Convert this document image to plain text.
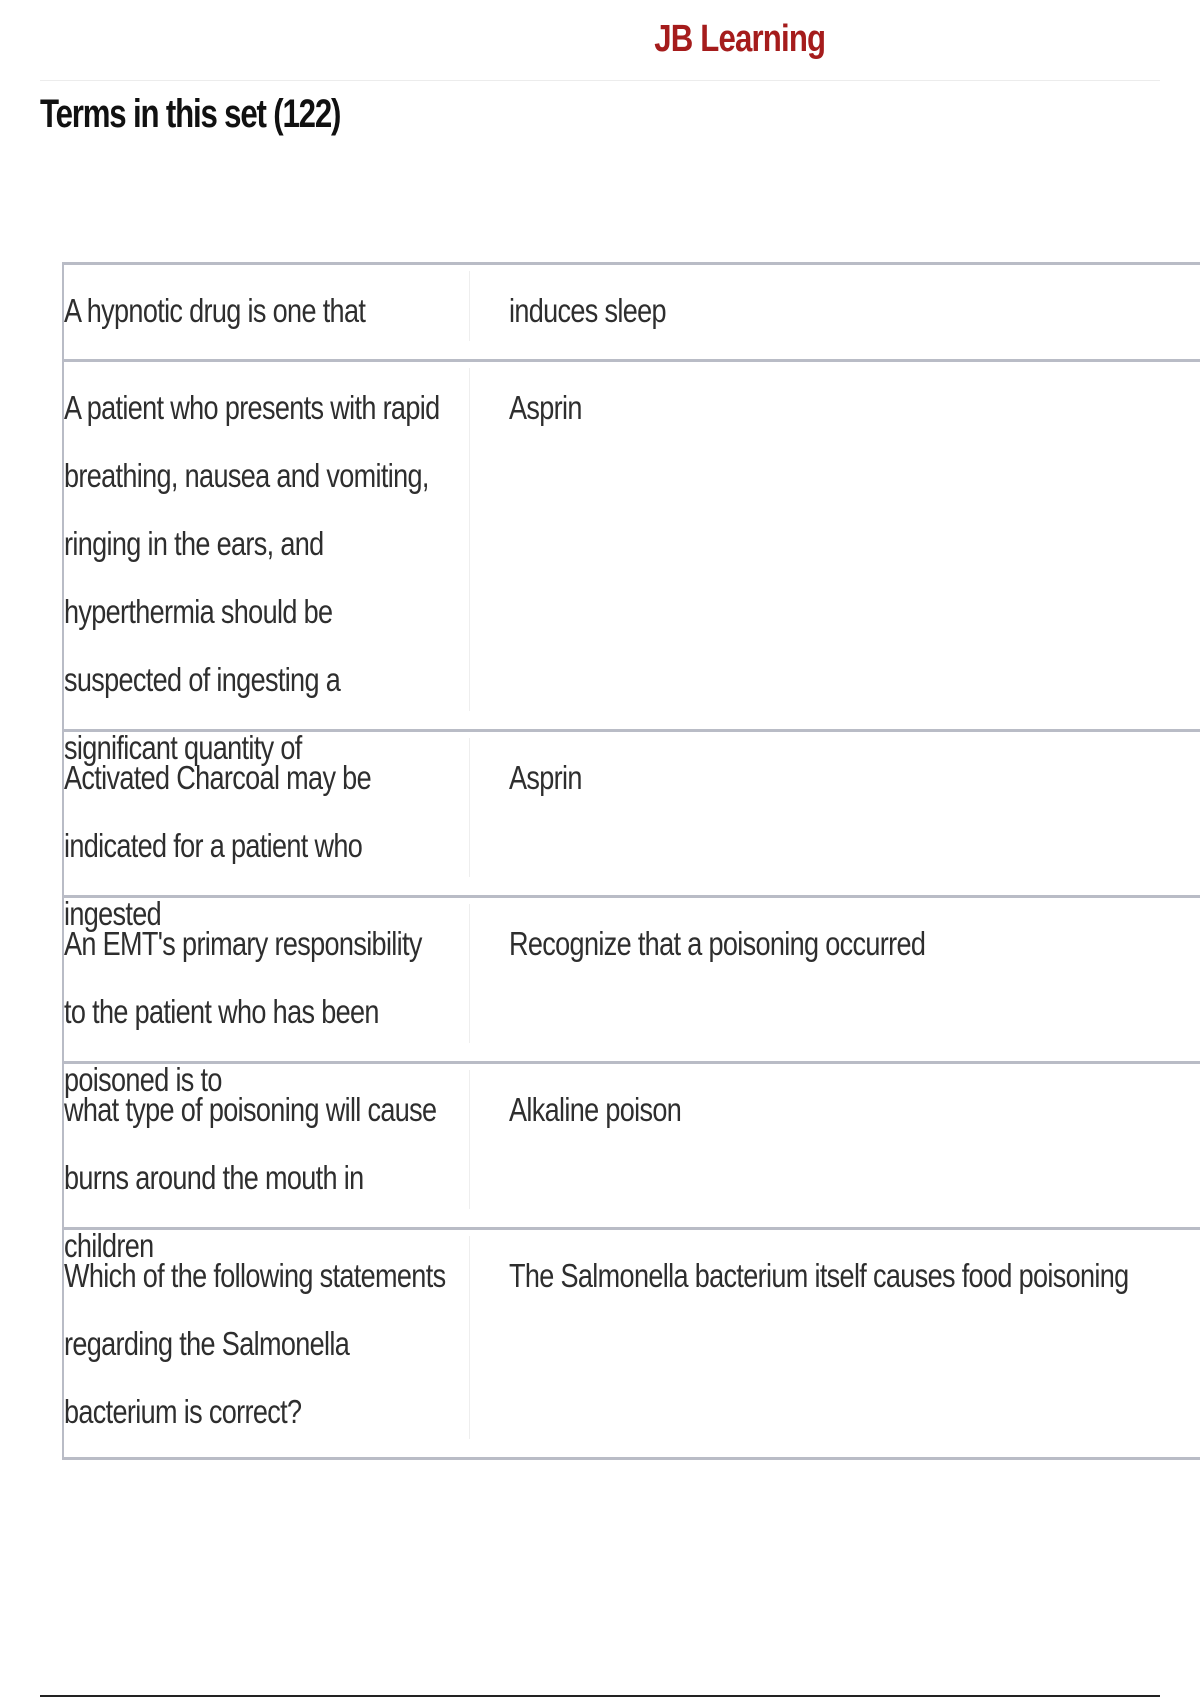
JB Learning
Terms in this set (122)
A hypnotic drug is one that	induces sleep
A patient who presents with rapid breathing, nausea and vomiting, ringing in the ears, and hyperthermia should be suspected of ingesting a significant quantity of
Asprin
Activated Charcoal may be indicated for a patient who ingested
Asprin
An EMT's primary responsibility to the patient who has been poisoned is to
Recognize that a poisoning occurred
what type of poisoning will cause burns around the mouth in children
Alkaline poison
Which of the following statements regarding the Salmonella bacterium is correct?
The Salmonella bacterium itself causes food poisoning
